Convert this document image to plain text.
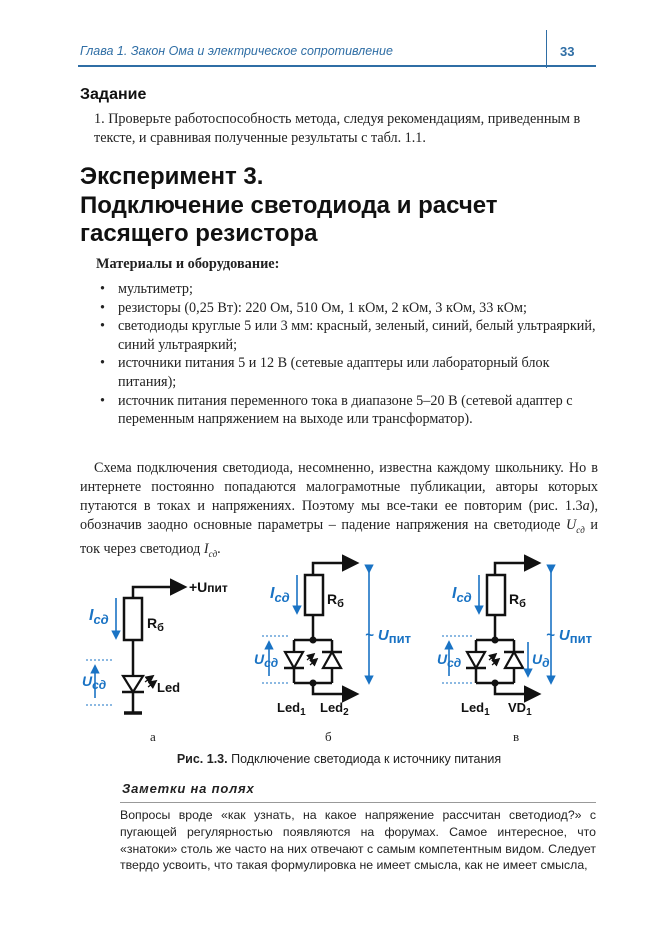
Глава 1. Закон Ома и электрическое сопротивление	33
Задание

1. Проверьте работоспособность метода, следуя рекомендациям, приведенным в тексте, и сравнивая полученные результаты с табл. 1.1.

Эксперимент 3.
Подключение светодиода и расчет
гасящего резистора
Материалы и оборудование:
• мультиметр;
• резисторы (0,25 Вт): 220 Ом, 510 Ом, 1 кОм, 2 кОм, 3 кОм, 33 кОм;
• светодиоды круглые 5 или 3 мм: красный, зеленый, синий, белый ультраяркий, синий ультраяркий;
• источники питания 5 и 12 В (сетевые адаптеры или лабораторный блок питания);
• источник питания переменного тока в диапазоне 5–20 В (сетевой адаптер с переменным напряжением на выходе или трансформатор).

Схема подключения светодиода, несомненно, известна каждому школьнику. Но в интернете постоянно попадаются малограмотные публикации, авторы которых путаются в токах и напряжениях. Поэтому мы все-таки ее повторим (рис. 1.3а), обозначив заодно основные параметры – падение напряжения на светодиоде $U_{сд}$ и ток через светодиод $I_{сд}$.

+Uпит
$I_{сд}$	$R_б$
Uсд	Led
а
$I_{сд}$	$R_б$
~ Uпит
Uсд
Led$_1$ Led$_2$
б
$I_{сд}$	$R_б$
~ Uпит
Uсд	Uд
Led$_1$ $VD_1$
в
Рис. 1.3. Подключение светодиода к источнику питания
Заметки на полях

Вопросы вроде «как узнать, на какое напряжение рассчитан светодиод?» с пугающей регулярностью появляются на форумах. Самое интересное, что «знатоки» столь же часто на них отвечают с самым компетентным видом. Следует твердо усвоить, что такая формулировка не имеет смысла, как не имеет смысла,
